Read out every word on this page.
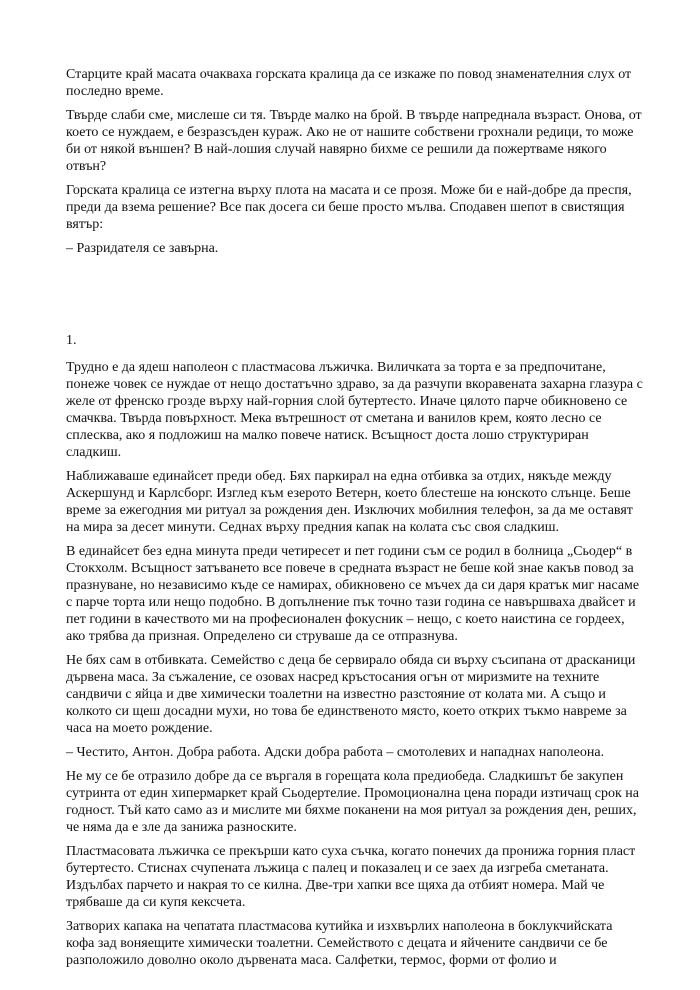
Старците край масата очакваха горската кралица да се изкаже по повод знаменателния слух от последно време.

Твърде слаби сме, мислеше си тя. Твърде малко на брой. В твърде напреднала възраст. Онова, от което се нуждаем, е безразсъден кураж. Ако не от нашите собствени грохнали редици, то може би от някой външен? В най-лошия случай навярно бихме се решили да пожертваме някого отвън?

Горската кралица се изтегна върху плота на масата и се прозя. Може би е най-добре да преспя, преди да взема решение? Все пак досега си беше просто мълва. Сподавен шепот в свистящия вятър:

– Разридателя се завърна.

1.

Трудно е да ядеш наполеон с пластмасова лъжичка. Виличката за торта е за предпочитане, понеже човек се нуждае от нещо достатъчно здраво, за да разчупи вкоравената захарна глазура с желе от френско грозде върху най-горния слой бутертесто. Иначе цялото парче обикновено се смачква. Твърда повърхност. Мека вътрешност от сметана и ванилов крем, която лесно се сплесква, ако я подложиш на малко повече натиск. Всъщност доста лошо структуриран сладкиш.

Наближаваше единайсет преди обед. Бях паркирал на една отбивка за отдих, някъде между Аскершунд и Карлсборг. Изглед към езерото Ветерн, което блестеше на юнското слънце. Беше време за ежегодния ми ритуал за рождения ден. Изключих мобилния телефон, за да ме оставят на мира за десет минути. Седнах върху предния капак на колата със своя сладкиш.

В единайсет без една минута преди четиресет и пет години съм се родил в болница „Сьодер“ в Стокхолм. Всъщност затъването все повече в средната възраст не беше кой знае какъв повод за празнуване, но независимо къде се намирах, обикновено се мъчех да си даря кратък миг насаме с парче торта или нещо подобно. В допълнение пък точно тази година се навършваха двайсет и пет години в качеството ми на професионален фокусник – нещо, с което наистина се гордеех, ако трябва да призная. Определено си струваше да се отпразнува.

Не бях сам в отбивката. Семейство с деца бе сервирало обяда си върху съсипана от драсканици дървена маса. За съжаление, се озовах насред кръстосания огън от миризмите на техните сандвичи с яйца и две химически тоалетни на известно разстояние от колата ми. А също и колкото си щеш досадни мухи, но това бе единственото място, което открих тъкмо навреме за часа на моето рождение.

– Честито, Антон. Добра работа. Адски добра работа – смотолевих и нападнах наполеона.

Не му се бе отразило добре да се въргаля в горещата кола предиобеда. Сладкишът бе закупен сутринта от един хипермаркет край Сьодертелие. Промоционална цена поради изтичащ срок на годност. Тъй като само аз и мислите ми бяхме поканени на моя ритуал за рождения ден, реших, че няма да е зле да занижа разноските.

Пластмасовата лъжичка се прекърши като суха съчка, когато понечих да пронижа горния пласт бутертесто. Стиснах счупената лъжица с палец и показалец и се заех да изгреба сметаната. Издълбах парчето и накрая то се килна. Две-три хапки все щяха да отбият номера. Май че трябваше да си купя кексчета.

Затворих капака на чепатата пластмасова кутийка и изхвърлих наполеона в боклукчийската кофа зад воняещите химически тоалетни. Семейството с децата и яйчените сандвичи се бе разположило доволно около дървената маса. Салфетки, термос, форми от фолио и
